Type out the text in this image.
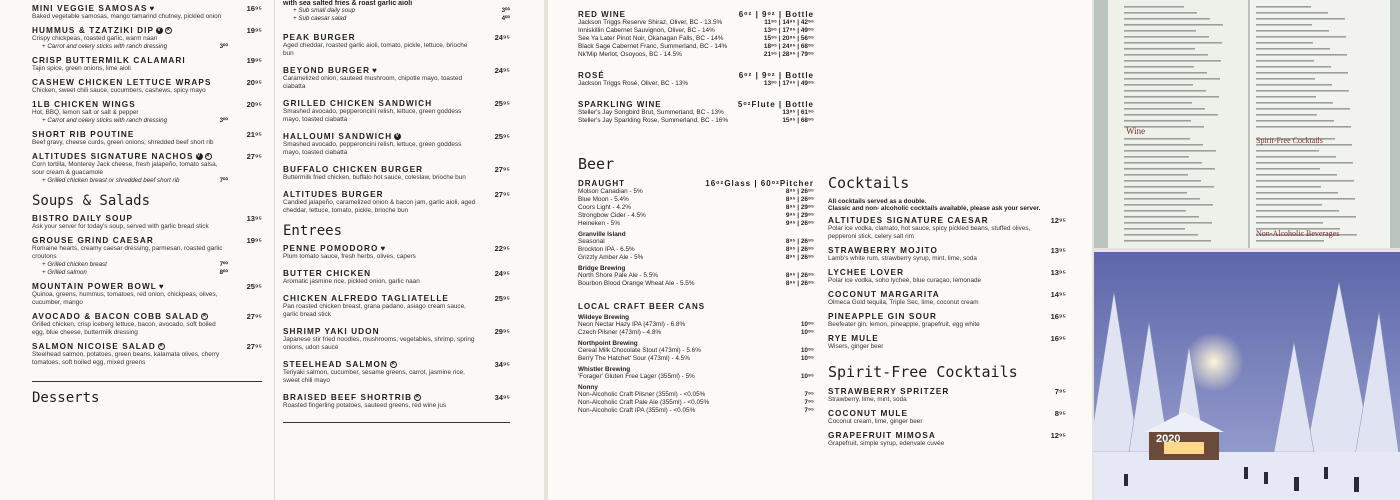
MINI VEGGIE SAMOSAS ♥	16⁹⁵
Baked vegetable samosas, mango tamarind chutney, pickled onion
HUMMUS & TZATZIKI DIP V ✕	19⁹⁵
Crispy chickpeas, roasted garlic, warm naan
+ Carrot and celery sticks with ranch dressing	3⁰⁰
CRISP BUTTERMILK CALAMARI	19⁹⁵
Tajin spice, green onions, lime aioli
CASHEW CHICKEN LETTUCE WRAPS	20⁹⁵
Chicken, sweet chili sauce, cucumbers, cashews, spicy mayo
1LB CHICKEN WINGS	20⁹⁵
Hot, BBQ, lemon salt or salt & pepper
+ Carrot and celery sticks with ranch dressing	3⁰⁰
SHORT RIB POUTINE	21⁹⁵
Beef gravy, cheese curds, green onions, shredded beef short rib
ALTITUDES SIGNATURE NACHOS V ✕	27⁹⁵
Corn tortilla, Monterey Jack cheese, fresh jalapeño, tomato salsa, sour cream & guacamole
+ Grilled chicken breast or shredded beef short rib	7⁰⁰
Soups & Salads
BISTRO DAILY SOUP	13⁹⁵
Ask your server for today's soup, served with garlic bread stick
GROUSE GRIND CAESAR	19⁹⁵
Romaine hearts, creamy caesar dressing, parmesan, roasted garlic croutons
+ Grilled chicken breast	7⁰⁰
+ Grilled salmon	8⁰⁰
MOUNTAIN POWER BOWL ♥	25⁹⁵
Quinoa, greens, hummus, tomatoes, red onion, chickpeas, olives, cucumber, mango
AVOCADO & BACON COBB SALAD ✕	27⁹⁵
Grilled chicken, crisp iceberg lettuce, bacon, avocado, soft boiled egg, blue cheese, buttermilk dressing
SALMON NICOISE SALAD ✕	27⁹⁵
Steelhead salmon, potatoes, green beans, kalamata olives, cherry tomatoes, soft boiled egg, mixed greens
Desserts
with sea salted fries & roast garlic aioli
+ Sub small daily soup	3⁰⁰
+ Sub caesar salad	4⁰⁰
PEAK BURGER	24⁹⁵
Aged cheddar, roasted garlic aioli, tomato, pickle, lettuce, brioche bun
BEYOND BURGER ♥	24⁹⁵
Caramelized onion, sauteed mushroom, chipotle mayo, toasted ciabatta
GRILLED CHICKEN SANDWICH	25⁹⁵
Smashed avocado, pepperoncini relish, lettuce, green goddess mayo, toasted ciabatta
HALLOUMI SANDWICH V	25⁹⁵
Smashed avocado, pepperoncini relish, lettuce, green goddess mayo, toasted ciabatta
BUFFALO CHICKEN BURGER	27⁹⁵
Buttermilk fried chicken, buffalo hot sauce, coleslaw, brioche bun
ALTITUDES BURGER	27⁹⁵
Candied jalapeño, caramelized onion & bacon jam, garlic aioli, aged cheddar, lettuce, tomato, pickle, brioche bun
Entrees
PENNE POMODORO ♥	22⁹⁵
Plum tomato sauce, fresh herbs, olives, capers
BUTTER CHICKEN	24⁹⁵
Aromatic jasmine rice, pickled onion, garlic naan
CHICKEN ALFREDO TAGLIATELLE	25⁹⁵
Pan roasted chicken breast, grana padano, asiago cream sauce, garlic bread stick
SHRIMP YAKI UDON	29⁹⁵
Japanese stir fried noodles, mushrooms, vegetables, shrimp, spring onions, udon sauce
STEELHEAD SALMON ✕	34⁹⁵
Teriyaki salmon, cucumber, sesame greens, carrot, jasmine rice, sweet chili mayo
BRAISED BEEF SHORTRIB ✕	34⁹⁵
Roasted fingerling potatoes, sauteed greens, red wine jus
RED WINE	6ᵒᶻ | 9ᵒᶻ | Bottle
Jackson Triggs Reserve Shiraz, Oliver, BC - 13.5%	11⁹⁵ | 14⁹⁵ | 42⁹⁵
Inniskillin Cabernet Sauvignon, Oliver, BC - 14%	13⁹⁵ | 17⁹⁵ | 49⁹⁵
See Ya Later Pinot Noir, Okanagan Falls, BC - 14%	15⁹⁵ | 20⁹⁵ | 56⁹⁵
Black Sage Cabernet Franc, Summerland, BC - 14%	18⁹⁵ | 24⁹⁵ | 68⁹⁵
Nk'Mip Merlot, Osoyoos, BC - 14.5%	21⁹⁵ | 28⁹⁵ | 79⁹⁵
ROSÉ	6ᵒᶻ | 9ᵒᶻ | Bottle
Jackson Triggs Rosé, Oliver, BC - 13%	13⁹⁵ | 17⁹⁵ | 49⁹⁵
SPARKLING WINE	5ᵒᶻFlute | Bottle
Steller's Jay Songbird Brut, Summerland, BC - 13%	13⁹⁵ | 61⁹⁵
Steller's Jay Sparkling Rose, Summerland, BC - 16%	15⁹⁵ | 68⁹⁵
Beer
DRAUGHT	16ᵒᶻGlass | 60ᵒᶻPitcher
Molson Canadian - 5%	8⁹⁵ | 26⁹⁵
Blue Moon - 5.4%	8⁹⁵ | 26⁹⁵
Coors Light - 4.2%	8⁹⁵ | 29⁹⁵
Strongbow Cider - 4.5%	9⁹⁵ | 29⁹⁵
Heineken - 5%	9⁹⁵ | 26⁹⁵
Granville Island
Seasonal	8⁹⁵ | 26⁹⁵
Brockton IPA - 6.5%	8⁹⁵ | 26⁹⁵
Grizzly Amber Ale - 5%	8⁹⁵ | 26⁹⁵
Bridge Brewing
North Shore Pale Ale - 5.5%	8⁹⁵ | 26⁹⁵
Bourbon Blood Orange Wheat Ale - 5.5%	8⁹⁵ | 26⁹⁵
LOCAL CRAFT BEER CANS
Wildeye Brewing
Neon Nectar Hazy IPA (473ml) - 6.8%	10⁹⁵
Czech Pilsner (473ml) - 4.8%	10⁹⁵
Northpoint Brewing
Cereal Milk Chocolate Stout (473ml) - 5.6%	10⁹⁵
Berry The Hatchet' Sour (473ml) - 4.5%	10⁹⁵
Whistler Brewing
'Forager' Gluten Free Lager (355ml) - 5%	10⁹⁵
Nonny
Non-Alcoholic Craft Pilsner (355ml) - <0.05%	7⁹⁵
Non-Alcoholic Craft Pale Ale (355ml) - <0.05%	7⁹⁵
Non-Alcoholic Craft IPA (355ml) - <0.05%	7⁹⁵
Cocktails
All cocktails served as a double.
Classic and non- alcoholic cocktails available, please ask your server.
ALTITUDES SIGNATURE CAESAR	12⁹⁵
Polar ice vodka, clamato, hot sauce, spicy pickled beans, stuffed olives, pepperoni stick, celery salt rim
STRAWBERRY MOJITO	13⁹⁵
Lamb's white rum, strawberry syrup, mint, lime, soda
LYCHEE LOVER	13⁹⁵
Polar ice vodka, soho lychee, blue curaçao, lemonade
COCONUT MARGARITA	14⁹⁵
Olmeca Gold tequila, Triple Sec, lime, coconut cream
PINEAPPLE GIN SOUR	16⁹⁵
Beefeater gin, lemon, pineapple, grapefruit, egg white
RYE MULE	16⁹⁵
Wisers, ginger beer
Spirit-Free Cocktails
STRAWBERRY SPRITZER	7⁹⁵
Strawberry, lime, mint, soda
COCONUT MULE	8⁹⁵
Coconut cream, lime, ginger beer
GRAPEFRUIT MIMOSA	12⁹⁵
Grapefruit, simple syrup, edenvale cuvée
Wine
Spirit-Free Cocktails
Non-Alcoholic Beverages
2020
